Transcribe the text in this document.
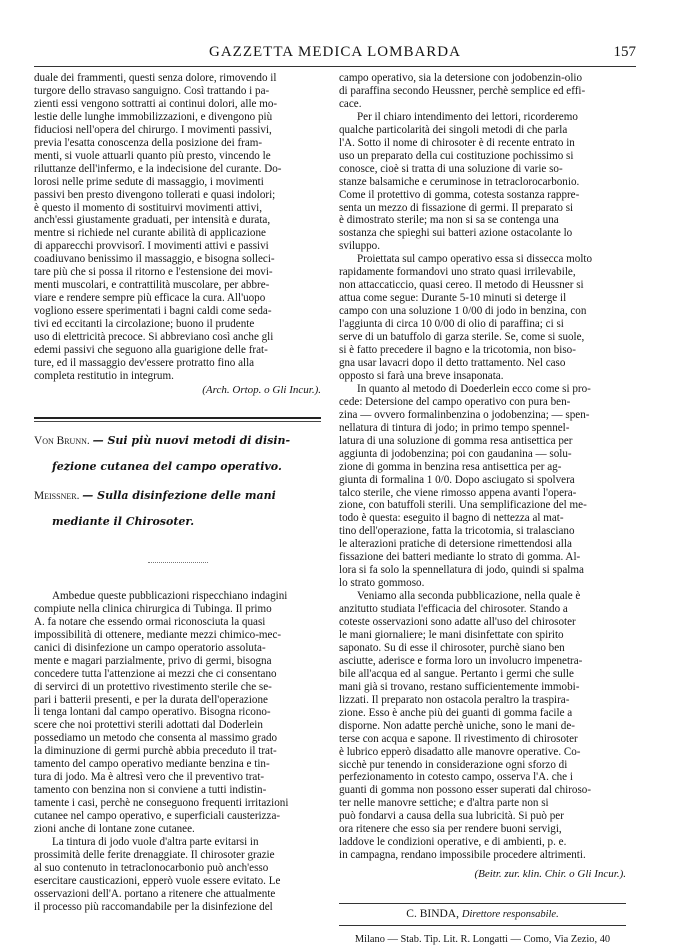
GAZZETTA MEDICA LOMBARDA	157
duale dei frammenti, questi senza dolore, rimovendo il
turgore dello stravaso sanguigno. Così trattando i pa-
zienti essi vengono sottratti ai continui dolori, alle mo-
lestie delle lunghe immobilizzazioni, e divengono più
fiduciosi nell'opera del chirurgo. I movimenti passivi,
previa l'esatta conoscenza della posizione dei fram-
menti, si vuole attuarli quanto più presto, vincendo le
riluttanze dell'infermo, e la indecisione del curante. Do-
lorosi nelle prime sedute di massaggio, i movimenti
passivi ben presto divengono tollerati e quasi indolori;
è questo il momento di sostituirvi movimenti attivi,
anch'essi giustamente graduati, per intensità e durata,
mentre si richiede nel curante abilità di applicazione
di apparecchi provvisorî. I movimenti attivi e passivi
coadiuvano benissimo il massaggio, e bisogna solleci-
tare più che si possa il ritorno e l'estensione dei movi-
menti muscolari, e contrattilità muscolare, per abbre-
viare e rendere sempre più efficace la cura. All'uopo
vogliono essere sperimentati i bagni caldi come seda-
tivi ed eccitanti la circolazione; buono il prudente
uso di elettricità precoce. Si abbreviano così anche gli
edemi passivi che seguono alla guarigione delle frat-
ture, ed il massaggio dev'essere protratto fino alla
completa restitutio in integrum.
(Arch. Ortop. o Gli Incur.).
Von Brunn. — Sui più nuovi metodi di disin-
fezione cutanea del campo operativo.
Meissner. — Sulla disinfezione delle mani
mediante il Chirosoter.
Ambedue queste pubblicazioni rispecchiano indagini
compiute nella clinica chirurgica di Tubinga. Il primo
A. fa notare che essendo ormai riconosciuta la quasi
impossibilità di ottenere, mediante mezzi chimico-mec-
canici di disinfezione un campo operatorio assoluta-
mente e magari parzialmente, privo di germi, bisogna
concedere tutta l'attenzione ai mezzi che ci consentano
di servirci di un protettivo rivestimento sterile che se-
pari i batterii presenti, e per la durata dell'operazione
li tenga lontani dal campo operativo. Bisogna ricono-
scere che noi protettivi sterili adottati dal Doderlein
possediamo un metodo che consenta al massimo grado
la diminuzione di germi purchè abbia preceduto il trat-
tamento del campo operativo mediante benzina e tin-
tura di jodo. Ma è altresì vero che il preventivo trat-
tamento con benzina non si conviene a tutti indistin-
tamente i casi, perchè ne conseguono frequenti irritazioni
cutanee nel campo operativo, e superficiali causterizza-
zioni anche di lontane zone cutanee.
La tintura di jodo vuole d'altra parte evitarsi in
prossimità delle ferite drenaggiate. Il chirosoter grazie
al suo contenuto in tetraclonocarbonio può anch'esso
esercitare causticazioni, epperò vuole essere evitato. Le
osservazioni dell'A. portano a ritenere che attualmente
il processo più raccomandabile per la disinfezione del
campo operativo, sia la detersione con jodobenzin-olio
di paraffina secondo Heussner, perchè semplice ed effi-
cace.
Per il chiaro intendimento dei lettori, ricorderemo
qualche particolarità dei singoli metodi di che parla
l'A. Sotto il nome di chirosoter è di recente entrato in
uso un preparato della cui costituzione pochissimo si
conosce, cioè si tratta di una soluzione di varie so-
stanze balsamiche e ceruminose in tetraclorocarbonio.
Come il protettivo di gomma, cotesta sostanza rappre-
senta un mezzo di fissazione di germi. Il preparato si
è dimostrato sterile; ma non si sa se contenga una
sostanza che spieghi sui batteri azione ostacolante lo
sviluppo.
Proiettata sul campo operativo essa si dissecca molto
rapidamente formandovi uno strato quasi irrilevabile,
non attaccaticcio, quasi cereo. Il metodo di Heussner si
attua come segue: Durante 5-10 minuti si deterge il
campo con una soluzione 1 0/00 di jodo in benzina, con
l'aggiunta di circa 10 0/00 di olio di paraffina; ci si
serve di un batuffolo di garza sterile. Se, come si suole,
si è fatto precedere il bagno e la tricotomia, non biso-
gna usar lavacri dopo il detto trattamento. Nel caso
opposto si farà una breve insaponata.
In quanto al metodo di Doederlein ecco come si pro-
cede: Detersione del campo operativo con pura ben-
zina — ovvero formalinbenzina o jodobenzina; — spen-
nellatura di tintura di jodo; in primo tempo spennel-
latura di una soluzione di gomma resa antisettica per
aggiunta di jodobenzina; poi con gaudanina — solu-
zione di gomma in benzina resa antisettica per ag-
giunta di formalina 1 0/0. Dopo asciugato si spolvera
talco sterile, che viene rimosso appena avanti l'opera-
zione, con batuffoli sterili. Una semplificazione del me-
todo è questa: eseguito il bagno di nettezza al mat-
tino dell'operazione, fatta la tricotomia, si tralasciano
le alterazioni pratiche di detersione rimettendosi alla
fissazione dei batteri mediante lo strato di gomma. Al-
lora si fa solo la spennellatura di jodo, quindi si spalma
lo strato gommoso.
Veniamo alla seconda pubblicazione, nella quale è
anzitutto studiata l'efficacia del chirosoter. Stando a
coteste osservazioni sono adatte all'uso del chirosoter
le mani giornaliere; le mani disinfettate con spirito
saponato. Su di esse il chirosoter, purchè siano ben
asciutte, aderisce e forma loro un involucro impenetra-
bile all'acqua ed al sangue. Pertanto i germi che sulle
mani già si trovano, restano sufficientemente immobi-
lizzati. Il preparato non ostacola peraltro la traspira-
zione. Esso è anche più dei guanti di gomma facile a
disporne. Non adatte perchè uniche, sono le mani de-
terse con acqua e sapone. Il rivestimento di chirosoter
è lubrico epperò disadatto alle manovre operative. Co-
sicchè pur tenendo in considerazione ogni sforzo di
perfezionamento in cotesto campo, osserva l'A. che i
guanti di gomma non possono esser superati dal chiroso-
ter nelle manovre settiche; e d'altra parte non si
può fondarvi a causa della sua lubricità. Si può per
ora ritenere che esso sia per rendere buoni servigi,
laddove le condizioni operative, e di ambienti, p. e.
in campagna, rendano impossibile procedere altrimenti.
(Beitr. zur. klin. Chir. o Gli Incur.).
C. BINDA, Direttore responsabile.
Milano — Stab. Tip. Lit. R. Longatti — Como, Via Zezio, 40
